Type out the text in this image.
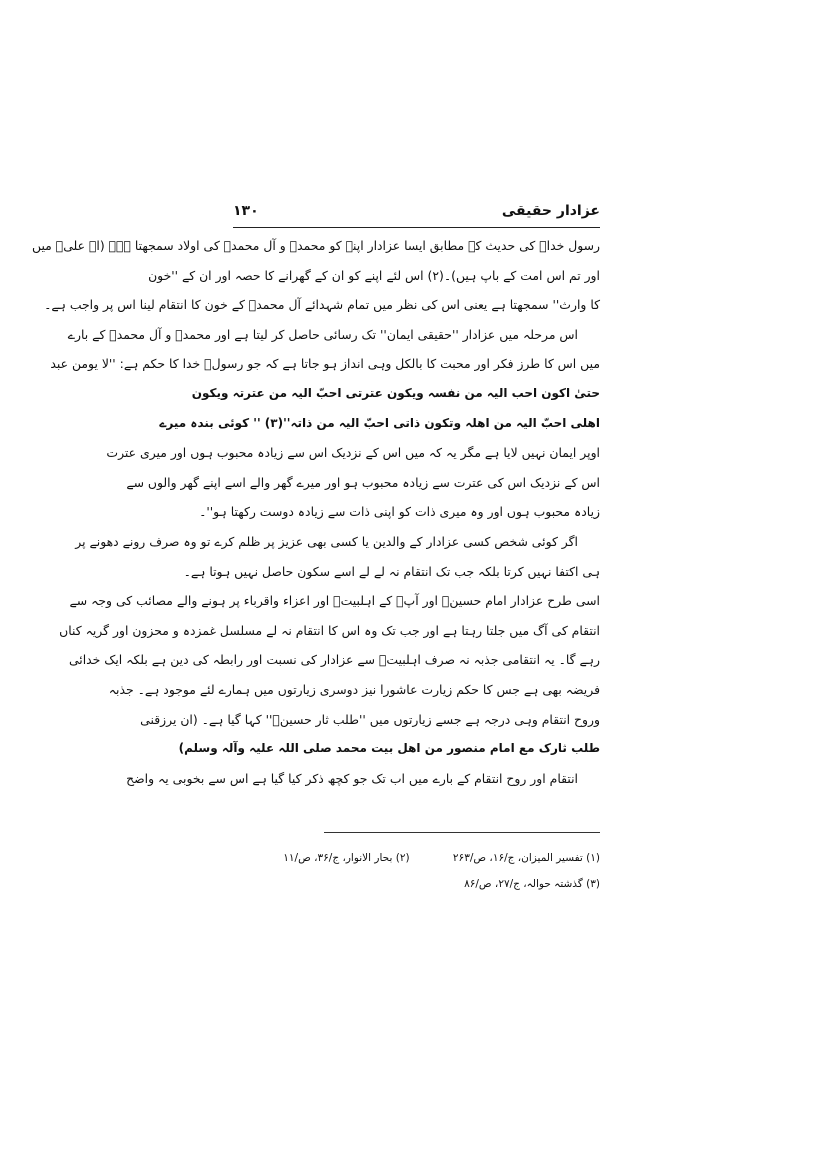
عزادار حقیقی
۱۳۰
رسول خداؐ کی حدیث کے مطابق ایسا عزادار اپنے کو محمدؐ و آل محمدؐ کی اولاد سمجھتا ہے۔ (اے علیؑ میں
اور تم اس امت کے باپ ہیں)۔(۲) اس لئے اپنے کو ان کے گھرانے کا حصہ اور ان کے ''خون
کا وارث'' سمجھتا ہے یعنی اس کی نظر میں تمام شہدائے آل محمدؐ کے خون کا انتقام لینا اس پر واجب ہے۔
اس مرحلہ میں عزادار ''حقیقی ایمان'' تک رسائی حاصل کر لیتا ہے اور محمدؐ و آل محمدؐ کے بارے
میں اس کا طرز فکر اور محبت کا بالکل وہی انداز ہو جاتا ہے کہ جو رسولؐ خدا کا حکم ہے: ''لا یومن عبد
حتیٰ اکون احب الیہ من نفسہ ویکون عترتی احبّ الیہ من عترتہ ویکون
اھلی احبّ الیہ من اھلہ وتکون ذاتی احبّ الیہ من ذاتہ''(۳) '' کوئی بندہ میرے
اوپر ایمان نہیں لایا ہے مگر یہ کہ میں اس کے نزدیک اس سے زیادہ محبوب ہوں اور میری عترت
اس کے نزدیک اس کی عترت سے زیادہ محبوب ہو اور میرے گھر والے اسے اپنے گھر والوں سے
زیادہ محبوب ہوں اور وہ میری ذات کو اپنی ذات سے زیادہ دوست رکھتا ہو''۔
اگر کوئی شخص کسی عزادار کے والدین یا کسی بھی عزیز پر ظلم کرے تو وہ صرف رونے دھونے پر
ہی اکتفا نہیں کرتا بلکہ جب تک انتقام نہ لے لے اسے سکون حاصل نہیں ہوتا ہے۔
اسی طرح عزادار امام حسینؑ اور آپؑ کے اہلبیتؑ اور اعزاء واقرباء پر ہونے والے مصائب کی وجہ سے
انتقام کی آگ میں جلتا رہتا ہے اور جب تک وہ اس کا انتقام نہ لے مسلسل غمزدہ و محزون اور گریہ کناں
رہے گا۔ یہ انتقامی جذبہ نہ صرف اہلبیتؑ سے عزادار کی نسبت اور رابطہ کی دین ہے بلکہ ایک خدائی
فریضہ بھی ہے جس کا حکم زیارت عاشورا نیز دوسری زیارتوں میں ہمارے لئے موجود ہے۔ جذبہ
وروح انتقام وہی درجہ ہے جسے زیارتوں میں ''طلب ثار حسینؑ'' کہا گیا ہے۔ (ان یرزقنی
طلب ثارک مع امام منصور من اھل بیت محمد صلی اللہ علیہ وآلہ وسلم)
انتقام اور روح انتقام کے بارے میں اب تک جو کچھ ذکر کیا گیا ہے اس سے بخوبی یہ واضح
(۱) تفسیر المیزان، ج/۱۶، ص/۲۶۳ (۲) بحار الانوار، ج/۳۶، ص/۱۱
(۳) گذشتہ حوالہ، ج/۲۷، ص/۸۶
